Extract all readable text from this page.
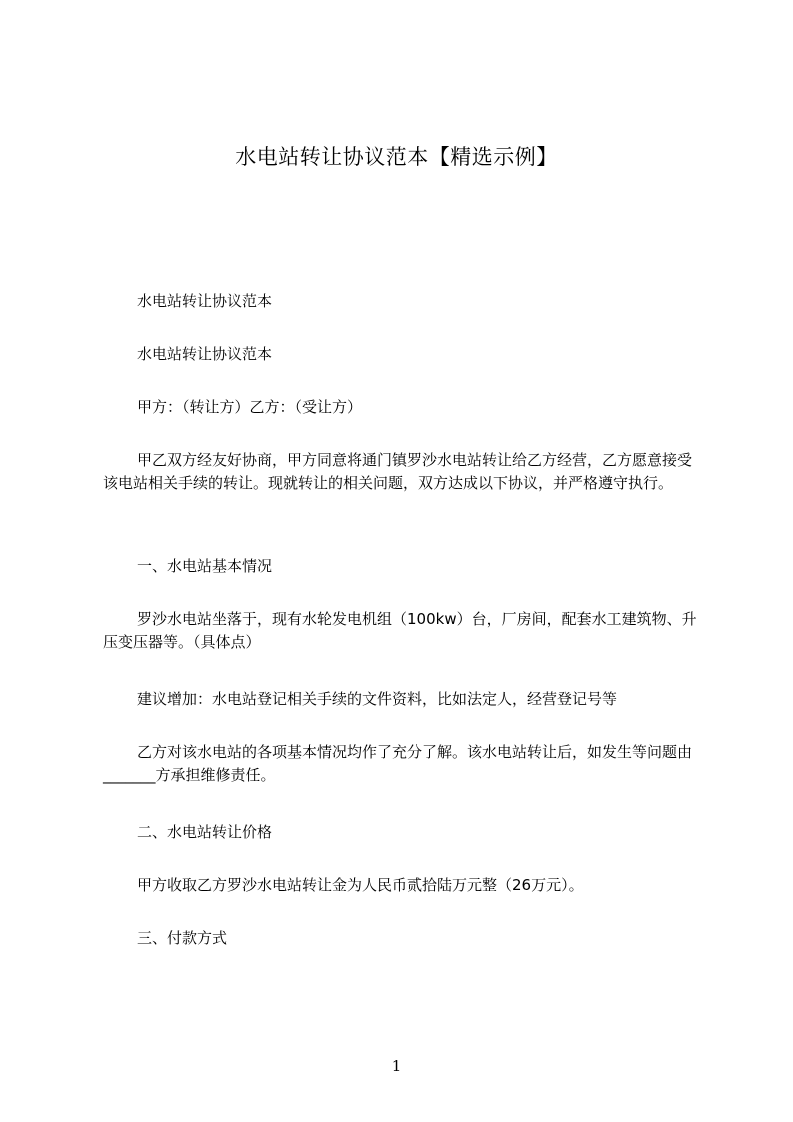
水电站转让协议范本【精选示例】
水电站转让协议范本
水电站转让协议范本
甲方：（转让方）乙方：（受让方）
甲乙双方经友好协商，甲方同意将通门镇罗沙水电站转让给乙方经营，乙方愿意接受该电站相关手续的转让。现就转让的相关问题，双方达成以下协议，并严格遵守执行。
一、水电站基本情况
罗沙水电站坐落于，现有水轮发电机组（100kw）台，厂房间，配套水工建筑物、升压变压器等。（具体点）
建议增加：水电站登记相关手续的文件资料，比如法定人，经营登记号等
乙方对该水电站的各项基本情况均作了充分了解。该水电站转让后，如发生等问题由_______方承担维修责任。
二、水电站转让价格
甲方收取乙方罗沙水电站转让金为人民币贰拾陆万元整（26万元）。
三、付款方式
1
